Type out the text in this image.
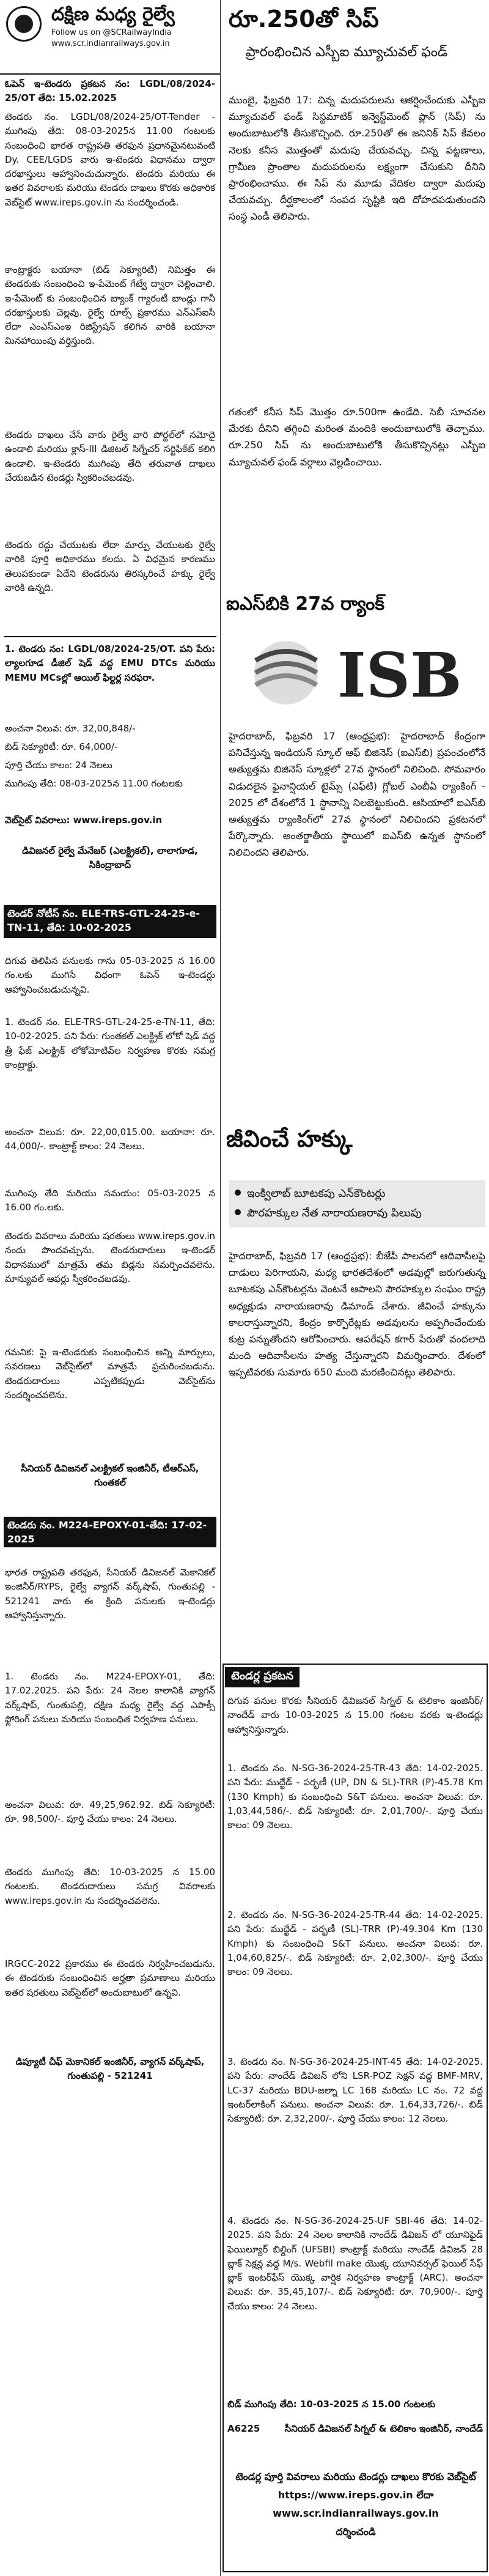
దక్షిణ మధ్య రైల్వే
Follow us on @SCRailwayIndia
www.scr.indianrailways.gov.in
ఓపెన్ ఇ-టెండరు ప్రకటన నం: LGDL/08/2024-25/OT తేది: 15.02.2025
టెండరు నం. LGDL/08/2024-25/OT-Tender - ముగింపు తేది: 08-03-2025న 11.00 గంటలకు సంబంధించి భారత రాష్ట్రపతి తరఫున ప్రధానమైనటువంటి Dy. CEE/LGDS వారు ఇ-టెండరు విధానము ద్వారా దరఖాస్తులు ఆహ్వానించుచున్నారు. టెండరు మరియు ఈ ఇతర వివరాలకు మరియు టెండరు దాఖలు కొరకు అధికారిక వెబ్‌సైట్ www.ireps.gov.in ను సందర్శించండి.
కాంట్రాక్టరు బయానా (బిడ్ సెక్యూరిటీ) నిమిత్తం ఈ టెండరుకు సంబంధించి ఇ-పేమెంట్ గేట్వే ద్వారా చెల్లించాలి. ఇ-పేమెంట్ కు సంబంధించిన బ్యాంక్ గ్యారంటీ బాండ్లు గానీ దరఖాస్తులకు చెల్లవు. రైల్వే రూల్స్ ప్రకారము ఎన్‌ఎస్‌ఐసీ లేదా ఎంఎస్‌ఎంఇ రిజిస్ట్రేషన్ కలిగిన వారికి బయానా మినహాయింపు వర్తిస్తుంది.
టెండరు దాఖలు చేసే వారు రైల్వే వారి పోర్టల్‌లో నమోదై ఉండాలి మరియు క్లాస్-III డిజిటల్ సిగ్నేచర్ సర్టిఫికేట్ కలిగి ఉండాలి. ఇ-టెండరు ముగింపు తేది తరువాత దాఖలు చేయబడిన టెండర్లు స్వీకరించబడవు.
టెండరు రద్దు చేయుటకు లేదా మార్పు చేయుటకు రైల్వే వారికి పూర్తి అధికారము కలదు. ఏ విధమైన కారణము తెలుపకుండా ఏదేని టెండరును తిరస్కరించే హక్కు రైల్వే వారికి ఉన్నది.
1. టెండరు నం: LGDL/08/2024-25/OT. పని పేరు: ల్యాలగూడ డీజిల్ షెడ్ వద్ద EMU DTCs మరియు MEMU MCsల్లో ఆయిల్ ఫిల్టర్ల సరఫరా.
అంచనా విలువ: రూ. 32,00,848/-
బిడ్ సెక్యూరిటీ: రూ. 64,000/-
పూర్తి చేయు కాలం: 24 నెలలు
ముగింపు తేది: 08-03-2025న 11.00 గంటలకు
వెబ్‌సైట్ వివరాలు: www.ireps.gov.in
డివిజనల్ రైల్వే మేనేజర్ (ఎలక్ట్రికల్), లాలాగూడ, సికింద్రాబాద్
టెండర్ నోటీస్ నం. ELE-TRS-GTL-24-25-e-TN-11, తేది: 10-02-2025
దిగువ తెలిపిన పనులకు గాను 05-03-2025 న 16.00 గం.లకు ముగిసే విధంగా ఓపెన్ ఇ-టెండర్లు ఆహ్వానించబడుచున్నవి.
1. టెండర్ నం. ELE-TRS-GTL-24-25-e-TN-11, తేది: 10-02-2025. పని పేరు: గుంతకల్ ఎలక్ట్రిక్ లోకో షెడ్ వద్ద త్రీ ఫేజ్ ఎలక్ట్రిక్ లోకోమోటివ్‌ల నిర్వహణ కొరకు సమగ్ర కాంట్రాక్టు.
అంచనా విలువ: రూ. 22,00,015.00. బయానా: రూ. 44,000/-. కాంట్రాక్ట్ కాలం: 24 నెలలు.
ముగింపు తేది మరియు సమయం: 05-03-2025 న 16.00 గం.లకు.
టెండరు వివరాలు మరియు షరతులు www.ireps.gov.in నందు పొందవచ్చును. టెండరుదారులు ఇ-టెండర్ విధానములో మాత్రమే తమ బిడ్లను సమర్పించవలెను. మాన్యువల్ ఆఫర్లు స్వీకరించబడవు.
గమనిక: పై ఇ-టెండరుకు సంబంధించిన అన్ని మార్పులు, సవరణలు వెబ్‌సైట్‌లో మాత్రమే ప్రచురించబడును. టెండరుదారులు ఎప్పటికప్పుడు వెబ్‌సైట్‌ను సందర్శించవలెను.
సీనియర్ డివిజనల్ ఎలక్ట్రికల్ ఇంజినీర్, టీఆర్ఎస్, గుంతకల్
టెండరు నం. M224-EPOXY-01-తేది: 17-02-2025
భారత రాష్ట్రపతి తరఫున, సీనియర్ డివిజనల్ మెకానికల్ ఇంజినీర్/RYPS, రైల్వే వ్యాగన్ వర్క్‌షాప్, గుంతుపల్లి - 521241 వారు ఈ క్రింది పనులకు ఇ-టెండర్లు ఆహ్వానిస్తున్నారు.
1. టెండరు నం. M224-EPOXY-01, తేది: 17.02.2025. పని పేరు: 24 నెలల కాలానికి వ్యాగన్ వర్క్‌షాప్, గుంతుపల్లి, దక్షిణ మధ్య రైల్వే వద్ద ఎపాక్సీ ఫ్లోరింగ్ పనులు మరియు సంబంధిత నిర్వహణ పనులు.
అంచనా విలువ: రూ. 49,25,962.92. బిడ్ సెక్యూరిటీ: రూ. 98,500/-. పూర్తి చేయు కాలం: 24 నెలలు.
టెండరు ముగింపు తేది: 10-03-2025 న 15.00 గంటలకు. టెండరుదారులు సమగ్ర వివరాలకు www.ireps.gov.in ను సందర్శించవలెను.
IRGCC-2022 ప్రకారము ఈ టెండరు నిర్వహించబడును. ఈ టెండరుకు సంబంధించిన అర్హతా ప్రమాణాలు మరియు ఇతర షరతులు వెబ్‌సైట్‌లో అందుబాటులో ఉన్నవి.
డిప్యూటీ చీఫ్ మెకానికల్ ఇంజినీర్, వ్యాగన్ వర్క్‌షాప్, గుంతుపల్లి - 521241
రూ.250తో సిప్
ప్రారంభించిన ఎస్బీఐ మ్యూచువల్ ఫండ్
ముంబై, ఫిబ్రవరి 17: చిన్న మదుపరులను ఆకర్షించేందుకు ఎస్బీఐ మ్యూచువల్ ఫండ్ సిస్టమాటిక్ ఇన్వెస్ట్‌మెంట్ ప్లాన్ (సిప్) ను అందుబాటులోకి తీసుకొచ్చింది. రూ.250తో ఈ జనినిక్ సిప్ కేవలం నెలకు కనీస మొత్తంతో మదుపు చేయవచ్చు. చిన్న పట్టణాలు, గ్రామీణ ప్రాంతాల మదుపరులను లక్ష్యంగా చేసుకుని దీనిని ప్రారంభించాము. ఈ సిప్ ను మూడు వేదికల ద్వారా మదుపు చేయవచ్చు. దీర్ఘకాలంలో సంపద సృష్టికి ఇది దోహదపడుతుందని సంస్థ ఎండీ తెలిపారు.
గతంలో కనీస సిప్ మొత్తం రూ.500గా ఉండేది. సెబీ సూచనల మేరకు దీనిని తగ్గించి మరింత మందికి అందుబాటులోకి తెచ్చాము. రూ.250 సిప్ ను అందుబాటులోకి తీసుకొచ్చినట్లు ఎస్బీఐ మ్యూచువల్ ఫండ్ వర్గాలు వెల్లడించాయి.
ఐఎస్‌బికి 27వ ర్యాంక్
ISB
హైదరాబాద్, ఫిబ్రవరి 17 (ఆంధ్రప్రభ): హైదరాబాద్ కేంద్రంగా పనిచేస్తున్న ఇండియన్ స్కూల్ ఆఫ్ బిజినెస్ (ఐఎస్‌బి) ప్రపంచంలోనే అత్యుత్తమ బిజినెస్ స్కూళ్లలో 27వ స్థానంలో నిలిచింది. సోమవారం విడుదలైన ఫైనాన్షియల్ టైమ్స్ (ఎఫ్‌టి) గ్లోబల్ ఎంబీఏ ర్యాంకింగ్ - 2025 లో దేశంలోనే 1 స్థానాన్ని నిలబెట్టుకుంది. ఆసియాలో ఐఎస్‌బి అత్యుత్తమ ర్యాంకింగ్‌లో 27వ స్థానంలో నిలిచిందని ప్రకటనలో పేర్కొన్నారు. అంతర్జాతీయ స్థాయిలో ఐఎస్‌బి ఉన్నత స్థానంలో నిలిచిందని తెలిపారు.
జీవించే హక్కు
ఇంక్విలాబ్ బూటకపు ఎన్‌కౌంటర్లు
పౌరహక్కుల నేత నారాయణరావు పిలుపు
హైదరాబాద్, ఫిబ్రవరి 17 (ఆంధ్రప్రభ): బీజేపీ పాలనలో ఆదివాసీలపై దాడులు పెరిగాయని, మధ్య భారతదేశంలో అడవుల్లో జరుగుతున్న బూటకపు ఎన్‌కౌంటర్లను వెంటనే ఆపాలని పౌరహక్కుల సంఘం రాష్ట్ర అధ్యక్షుడు నారాయణరావు డిమాండ్ చేశారు. జీవించే హక్కును కాలరాస్తున్నారని, కేంద్రం కార్పొరేట్లకు అడవులను అప్పగించేందుకు కుట్ర పన్నుతోందని ఆరోపించారు. ఆపరేషన్ కగార్ పేరుతో వందలాది మంది ఆదివాసీలను హత్య చేస్తున్నారని విమర్శించారు. దేశంలో ఇప్పటివరకు సుమారు 650 మంది మరణించినట్లు తెలిపారు.
టెండర్ల ప్రకటన
దిగువ పనుల కొరకు సీనియర్ డివిజనల్ సిగ్నల్ & టెలికాం ఇంజినీర్/నాందేడ్ వారు 10-03-2025 న 15.00 గంటల వరకు ఇ-టెండర్లు ఆహ్వానిస్తున్నారు.
1. టెండరు నం. N-SG-36-2024-25-TR-43 తేది: 14-02-2025. పని పేరు: ముద్ఖేడ్ - పర్భణీ (UP, DN & SL)-TRR (P)-45.78 Km (130 Kmph) కు సంబంధించి S&T పనులు. అంచనా విలువ: రూ. 1,03,44,586/-. బిడ్ సెక్యూరిటీ: రూ. 2,01,700/-. పూర్తి చేయు కాలం: 09 నెలలు.
2. టెండరు నం. N-SG-36-2024-25-TR-44 తేది: 14-02-2025. పని పేరు: ముద్ఖేడ్ - పర్భణీ (SL)-TRR (P)-49.304 Km (130 Kmph) కు సంబంధించి S&T పనులు. అంచనా విలువ: రూ. 1,04,60,825/-. బిడ్ సెక్యూరిటీ: రూ. 2,02,300/-. పూర్తి చేయు కాలం: 09 నెలలు.
3. టెండరు నం. N-SG-36-2024-25-INT-45 తేది: 14-02-2025. పని పేరు: నాందేడ్ డివిజన్ లోని LSR-POZ సెక్షన్ వద్ద BMF-MRV, LC-37 మరియు BDU-జల్నా LC 168 మరియు LC నం. 72 వద్ద ఇంటర్‌లాకింగ్ పనులు. అంచనా విలువ: రూ. 1,64,33,726/-. బిడ్ సెక్యూరిటీ: రూ. 2,32,200/-. పూర్తి చేయు కాలం: 12 నెలలు.
4. టెండరు నం. N-SG-36-2024-25-UF SBI-46 తేది: 14-02-2025. పని పేరు: 24 నెలల కాలానికి నాందేడ్ డివిజన్ లో యూనిఫైడ్ ఫెయిల్యూర్ బిల్డింగ్ (UFSBI) కాంట్రాక్ట్ మరియు నాందేడ్ డివిజన్ 28 బ్లాక్ సెక్షన్ల వద్ద M/s. Webfil make యొక్క యూనివర్సల్ ఫెయిల్ సేఫ్ బ్లాక్ ఇంటర్‌ఫేస్ యొక్క వార్షిక నిర్వహణ కాంట్రాక్ట్ (ARC). అంచనా విలువ: రూ. 35,45,107/-. బిడ్ సెక్యూరిటీ: రూ. 70,900/-. పూర్తి చేయు కాలం: 24 నెలలు.
బిడ్ ముగింపు తేది: 10-03-2025 న 15.00 గంటలకు
A6225	సీనియర్ డివిజనల్ సిగ్నల్ & టెలికాం ఇంజినీర్, నాందేడ్
టెండర్ల పూర్తి వివరాలు మరియు టెండర్లు దాఖలు కొరకు వెబ్‌సైట్
https://www.ireps.gov.in లేదా
www.scr.indianrailways.gov.in
దర్శించండి
